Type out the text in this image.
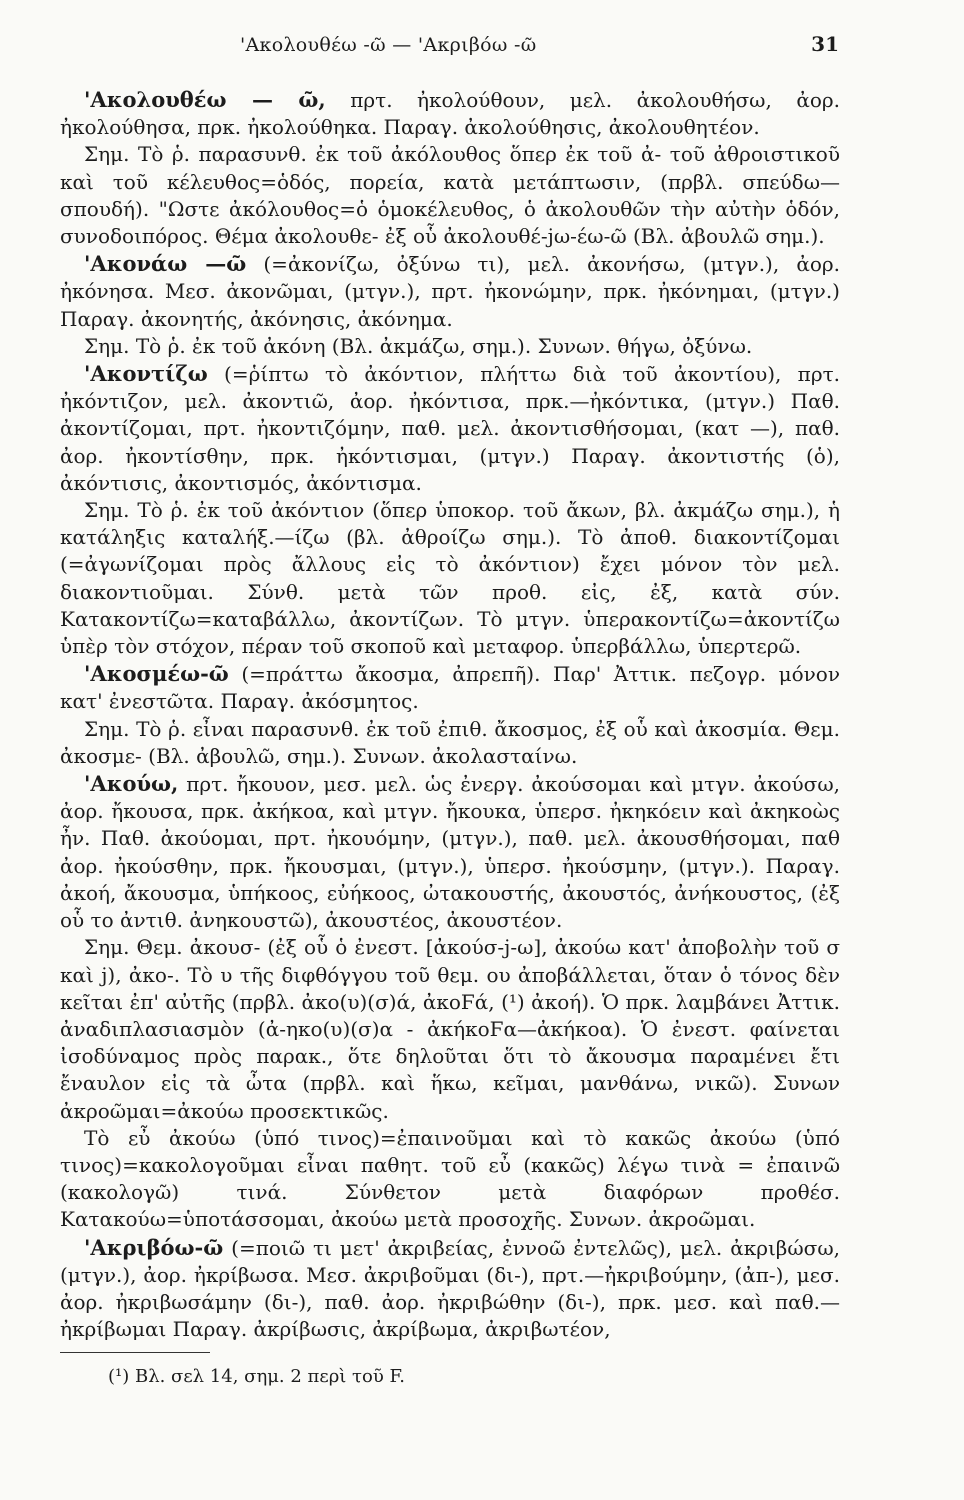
'Ακολουθέω -ῶ — 'Ακριβόω -ῶ	31

'Ακολουθέω — ῶ, πρτ. ἠκολούθουν, μελ. ἀκολουθήσω, ἀορ. ἠκολούθησα, πρκ. ἠκολούθηκα. Παραγ. ἀκολούθησις, ἀκολουθητέον.

Σημ. Τὸ ῥ. παρασυνθ. ἐκ τοῦ ἀκόλουθος ὅπερ ἐκ τοῦ ἀ- τοῦ ἀθροιστικοῦ καὶ τοῦ κέλευθος=ὁδός, πορεία, κατὰ μετάπτωσιν, (πρβλ. σπεύδω—σπουδή). "Ωστε ἀκόλουθος=ὁ ὁμοκέλευθος, ὁ ἀκολουθῶν τὴν αὐτὴν ὁδόν, συνοδοιπόρος. Θέμα ἀκολουθε- ἐξ οὗ ἀκολουθέ-jω-έω-ῶ (Βλ. ἀβουλῶ σημ.).

'Ακονάω —ῶ (=ἀκονίζω, ὀξύνω τι), μελ. ἀκονήσω, (μτγν.), ἀορ. ἠκόνησα. Μεσ. ἀκονῶμαι, (μτγν.), πρτ. ἠκονώμην, πρκ. ἠκόνημαι, (μτγν.) Παραγ. ἀκονητής, ἀκόνησις, ἀκόνημα.

Σημ. Τὸ ῥ. ἐκ τοῦ ἀκόνη (Βλ. ἀκμάζω, σημ.). Συνων. θήγω, ὀξύνω.

'Ακοντίζω (=ῥίπτω τὸ ἀκόντιον, πλήττω διὰ τοῦ ἀκοντίου), πρτ. ἠκόντιζον, μελ. ἀκοντιῶ, ἀορ. ἠκόντισα, πρκ.—ἠκόντικα, (μτγν.) Παθ. ἀκοντίζομαι, πρτ. ἠκοντιζόμην, παθ. μελ. ἀκοντισθήσομαι, (κατ —), παθ. ἀορ. ἠκοντίσθην, πρκ. ἠκόντισμαι, (μτγν.) Παραγ. ἀκοντιστής (ὁ), ἀκόντισις, ἀκοντισμός, ἀκόντισμα.

Σημ. Τὸ ῥ. ἐκ τοῦ ἀκόντιον (ὅπερ ὑποκορ. τοῦ ἄκων, βλ. ἀκμάζω σημ.), ἡ κατάληξις καταλήξ.—ίζω (βλ. ἀθροίζω σημ.). Τὸ ἀποθ. διακοντίζομαι (=ἀγωνίζομαι πρὸς ἄλλους εἰς τὸ ἀκόντιον) ἔχει μόνον τὸν μελ. διακοντιοῦμαι. Σύνθ. μετὰ τῶν προθ. εἰς, ἐξ, κατὰ σύν. Κατακοντίζω=καταβάλλω, ἀκοντίζων. Τὸ μτγν. ὑπερακοντίζω=ἀκοντίζω ὑπὲρ τὸν στόχον, πέραν τοῦ σκοποῦ καὶ μεταφορ. ὑπερβάλλω, ὑπερτερῶ.

'Ακοσμέω-ῶ (=πράττω ἄκοσμα, ἀπρεπῆ). Παρ' Ἀττικ. πεζογρ. μόνον κατ' ἐνεστῶτα. Παραγ. ἀκόσμητος.

Σημ. Τὸ ῥ. εἶναι παρασυνθ. ἐκ τοῦ ἐπιθ. ἄκοσμος, ἐξ οὗ καὶ ἀκοσμία. Θεμ. ἀκοσμε- (Βλ. ἀβουλῶ, σημ.). Συνων. ἀκολασταίνω.

'Ακούω, πρτ. ἤκουον, μεσ. μελ. ὡς ἐνεργ. ἀκούσομαι καὶ μτγν. ἀκούσω, ἀορ. ἤκουσα, πρκ. ἀκήκοα, καὶ μτγν. ἤκουκα, ὑπερσ. ἠκηκόειν καὶ ἀκηκοὼς ἦν. Παθ. ἀκούομαι, πρτ. ἠκουόμην, (μτγν.), παθ. μελ. ἀκουσθήσομαι, παθ ἀορ. ἠκούσθην, πρκ. ἤκουσμαι, (μτγν.), ὑπερσ. ἠκούσμην, (μτγν.). Παραγ. ἀκοή, ἄκουσμα, ὑπήκοος, εὐήκοος, ὠτακουστής, ἀκουστός, ἀνήκουστος, (ἐξ οὗ το ἀντιθ. ἀνηκουστῶ), ἀκουστέος, ἀκουστέον.

Σημ. Θεμ. ἀκουσ- (ἐξ οὗ ὁ ἐνεστ. [ἀκούσ-j-ω], ἀκούω κατ' ἀποβολὴν τοῦ σ καὶ j), ἀκο-. Τὸ υ τῆς διφθόγγου τοῦ θεμ. ου ἀποβάλλεται, ὅταν ὁ τόνος δὲν κεῖται ἐπ' αὐτῆς (πρβλ. ἀκο(υ)(σ)ά, ἀκοϜά, (¹) ἀκοή). Ὁ πρκ. λαμβάνει Ἀττικ. ἀναδιπλασιασμὸν (ἀ-ηκο(υ)(σ)α - ἀκήκοϜα—ἀκήκοα). Ὁ ἐνεστ. φαίνεται ἰσοδύναμος πρὸς παρακ., ὅτε δηλοῦται ὅτι τὸ ἄκουσμα παραμένει ἔτι ἔναυλον εἰς τὰ ὦτα (πρβλ. καὶ ἥκω, κεῖμαι, μανθάνω, νικῶ). Συνων ἀκροῶμαι=ἀκούω προσεκτικῶς.

Τὸ εὖ ἀκούω (ὑπό τινος)=ἐπαινοῦμαι καὶ τὸ κακῶς ἀκούω (ὑπό τινος)=κακολογοῦμαι εἶναι παθητ. τοῦ εὖ (κακῶς) λέγω τινὰ = ἐπαινῶ (κακολογῶ) τινά. Σύνθετον μετὰ διαφόρων προθέσ. Κατακούω=ὑποτάσσομαι, ἀκούω μετὰ προσοχῆς. Συνων. ἀκροῶμαι.

'Ακριβόω-ῶ (=ποιῶ τι μετ' ἀκριβείας, ἐννοῶ ἐντελῶς), μελ. ἀκριβώσω, (μτγν.), ἀορ. ἠκρίβωσα. Μεσ. ἀκριβοῦμαι (δι-), πρτ.—ἠκριβούμην, (ἀπ-), μεσ. ἀορ. ἠκριβωσάμην (δι-), παθ. ἀορ. ἠκριβώθην (δι-), πρκ. μεσ. καὶ παθ.—ἠκρίβωμαι Παραγ. ἀκρίβωσις, ἀκρίβωμα, ἀκριβωτέον,

(¹) Βλ. σελ 14, σημ. 2 περὶ τοῦ F.
